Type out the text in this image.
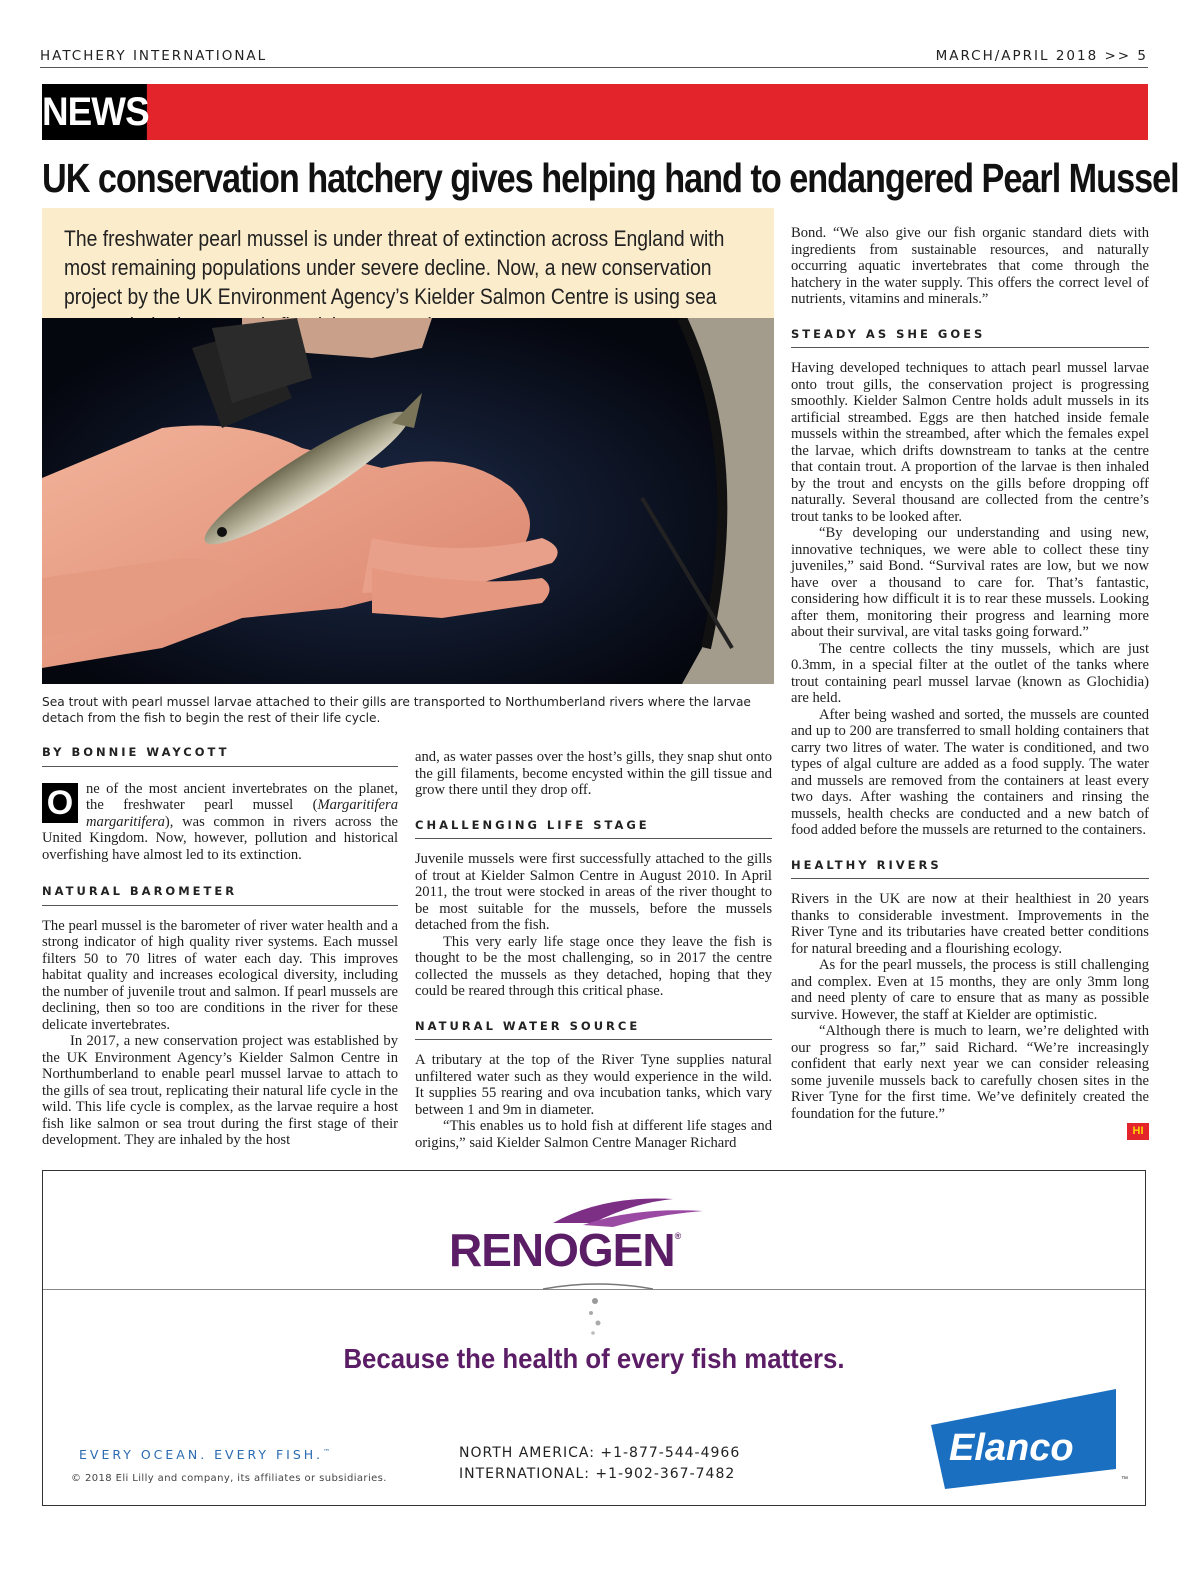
HATCHERY INTERNATIONAL	MARCH/APRIL 2018 >> 5
NEWS
UK conservation hatchery gives helping hand to endangered Pearl Mussel

The freshwater pearl mussel is under threat of extinction across England with most remaining populations under severe decline. Now, a new conservation project by the UK Environment Agency’s Kielder Salmon Centre is using sea

Sea trout with pearl mussel larvae attached to their gills are transported to Northumberland rivers where the larvae detach from the fish to begin the rest of their life cycle.
BY BONNIE WAYCOTT

O ne of the most ancient invertebrates on the planet, the freshwater pearl mussel (Margaritifera margaritifera), was common in rivers across the United Kingdom. Now, however, pollution and historical overfishing have almost led to its extinction.

NATURAL BAROMETER

The pearl mussel is the barometer of river water health and a strong indicator of high quality river systems. Each mussel filters 50 to 70 litres of water each day. This improves habitat quality and increases ecological diversity, including the number of juvenile trout and salmon. If pearl mussels are declining, then so too are conditions in the river for these delicate invertebrates.

In 2017, a new conservation project was established by the UK Environment Agency’s Kielder Salmon Centre in Northumberland to enable pearl mussel larvae to attach to the gills of sea trout, replicating their natural life cycle in the wild. This life cycle is complex, as the larvae require a host fish like salmon or sea trout during the first stage of their development. They are inhaled by the host

and, as water passes over the host’s gills, they snap shut onto the gill filaments, become encysted within the gill tissue and grow there until they drop off.

CHALLENGING LIFE STAGE

Juvenile mussels were first successfully attached to the gills of trout at Kielder Salmon Centre in August 2010. In April 2011, the trout were stocked in areas of the river thought to be most suitable for the mussels, before the mussels detached from the fish.

This very early life stage once they leave the fish is thought to be the most challenging, so in 2017 the centre collected the mussels as they detached, hoping that they could be reared through this critical phase.

NATURAL WATER SOURCE

A tributary at the top of the River Tyne supplies natural unfiltered water such as they would experience in the wild. It supplies 55 rearing and ova incubation tanks, which vary between 1 and 9m in diameter.

“This enables us to hold fish at different life stages and origins,” said Kielder Salmon Centre Manager Richard

Bond. “We also give our fish organic standard diets with ingredients from sustainable resources, and naturally occurring aquatic invertebrates that come through the hatchery in the water supply. This offers the correct level of nutrients, vitamins and minerals.”

STEADY AS SHE GOES

Having developed techniques to attach pearl mussel larvae onto trout gills, the conservation project is progressing smoothly. Kielder Salmon Centre holds adult mussels in its artificial streambed. Eggs are then hatched inside female mussels within the streambed, after which the females expel the larvae, which drifts downstream to tanks at the centre that contain trout. A proportion of the larvae is then inhaled by the trout and encysts on the gills before dropping off naturally. Several thousand are collected from the centre’s trout tanks to be looked after.

“By developing our understanding and using new, innovative techniques, we were able to collect these tiny juveniles,” said Bond. “Survival rates are low, but we now have over a thousand to care for. That’s fantastic, considering how difficult it is to rear these mussels. Looking after them, monitoring their progress and learning more about their survival, are vital tasks going forward.”

The centre collects the tiny mussels, which are just 0.3mm, in a special filter at the outlet of the tanks where trout containing pearl mussel larvae (known as Glochidia) are held.

After being washed and sorted, the mussels are counted and up to 200 are transferred to small holding containers that carry two litres of water. The water is conditioned, and two types of algal culture are added as a food supply. The water and mussels are removed from the containers at least every two days. After washing the containers and rinsing the mussels, health checks are conducted and a new batch of food added before the mussels are returned to the containers.

HEALTHY RIVERS

Rivers in the UK are now at their healthiest in 20 years thanks to considerable investment. Improvements in the River Tyne and its tributaries have created better conditions for natural breeding and a flourishing ecology.

As for the pearl mussels, the process is still challenging and complex. Even at 15 months, they are only 3mm long and need plenty of care to ensure that as many as possible survive. However, the staff at Kielder are optimistic.

“Although there is much to learn, we’re delighted with our progress so far,” said Richard. “We’re increasingly confident that early next year we can consider releasing some juvenile mussels back to carefully chosen sites in the River Tyne for the first time. We’ve definitely created the foundation for the future.”

HI
RENOGEN®
Because the health of every fish matters.
EVERY OCEAN. EVERY FISH.™
© 2018 Eli Lilly and company, its affiliates or subsidiaries.
NORTH AMERICA: +1-877-544-4966
INTERNATIONAL: +1-902-367-7482
Elanco
™
